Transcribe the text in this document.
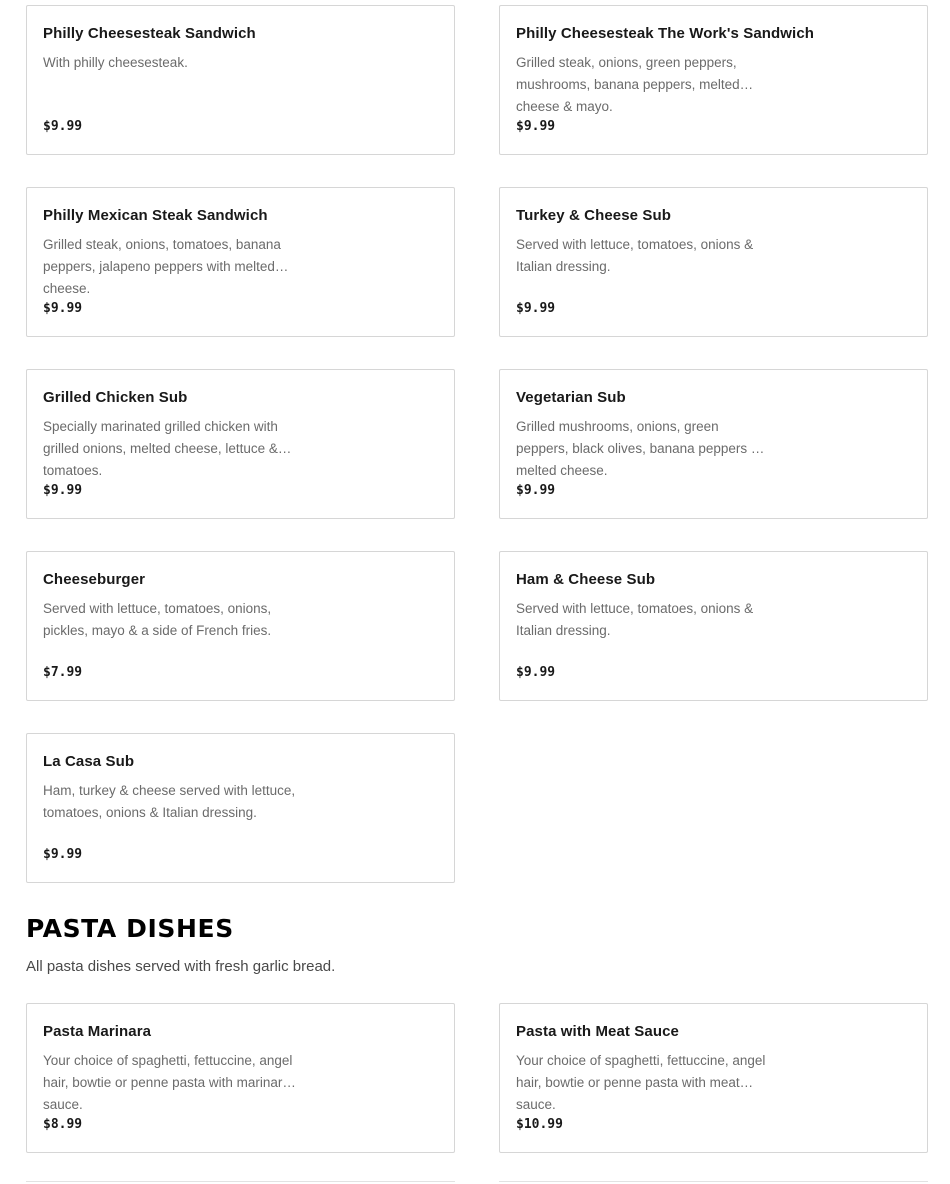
Philly Cheesesteak Sandwich
With philly cheesesteak.
$9.99
Philly Cheesesteak The Work's Sandwich
Grilled steak, onions, green peppers, mushrooms, banana peppers, melted cheese & mayo.
$9.99
Philly Mexican Steak Sandwich
Grilled steak, onions, tomatoes, banana peppers, jalapeno peppers with melted cheese.
$9.99
Turkey & Cheese Sub
Served with lettuce, tomatoes, onions & Italian dressing.
$9.99
Grilled Chicken Sub
Specially marinated grilled chicken with grilled onions, melted cheese, lettuce & tomatoes.
$9.99
Vegetarian Sub
Grilled mushrooms, onions, green peppers, black olives, banana peppers & melted cheese.
$9.99
Cheeseburger
Served with lettuce, tomatoes, onions, pickles, mayo & a side of French fries.
$7.99
Ham & Cheese Sub
Served with lettuce, tomatoes, onions & Italian dressing.
$9.99
La Casa Sub
Ham, turkey & cheese served with lettuce, tomatoes, onions & Italian dressing.
$9.99
PASTA DISHES

All pasta dishes served with fresh garlic bread.

Pasta Marinara
Your choice of spaghetti, fettuccine, angel hair, bowtie or penne pasta with marinara sauce.
$8.99
Pasta with Meat Sauce
Your choice of spaghetti, fettuccine, angel hair, bowtie or penne pasta with meat sauce.
$10.99
